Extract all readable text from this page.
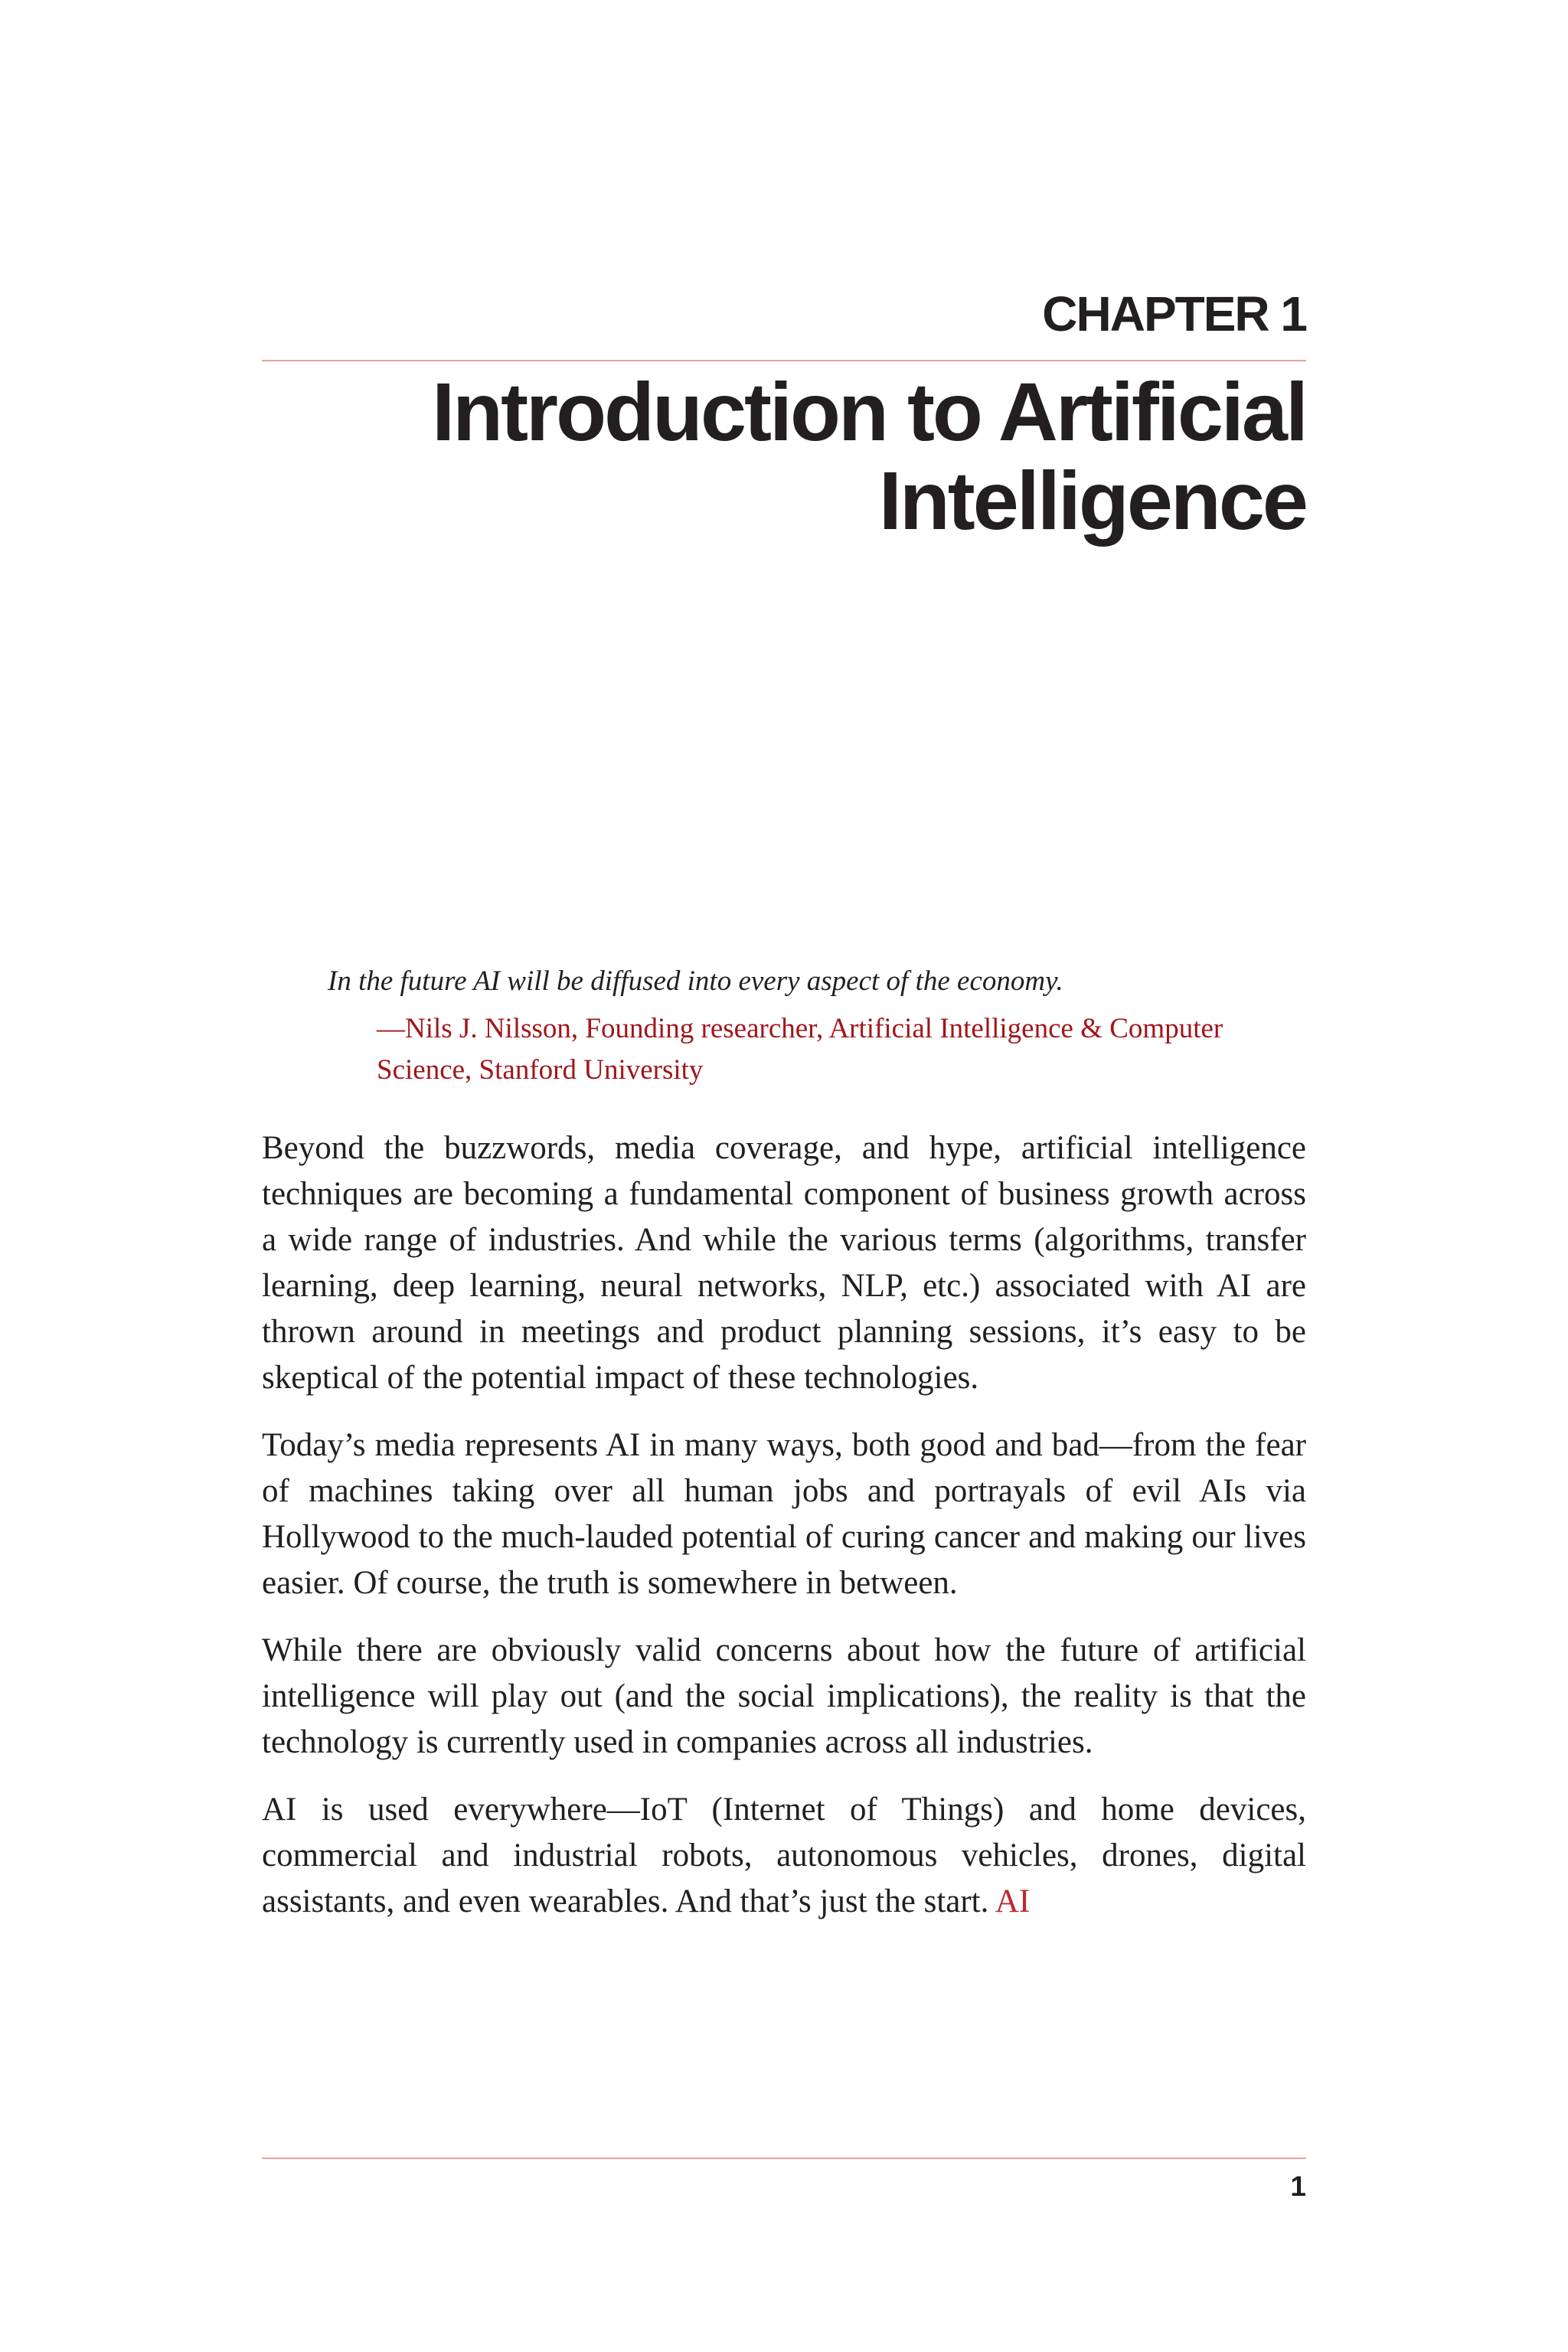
CHAPTER 1
Introduction to Artificial
Intelligence
In the future AI will be diffused into every aspect of the economy.
—Nils J. Nilsson, Founding researcher, Artificial Intelligence & Computer Science, Stanford University

Beyond the buzzwords, media coverage, and hype, artificial intelligence techniques are becoming a fundamental component of business growth across a wide range of industries. And while the various terms (algorithms, transfer learning, deep learning, neural networks, NLP, etc.) associated with AI are thrown around in meetings and product planning sessions, it’s easy to be skeptical of the potential impact of these technologies.

Today’s media represents AI in many ways, both good and bad—from the fear of machines taking over all human jobs and portrayals of evil AIs via Hollywood to the much-lauded potential of curing cancer and making our lives easier. Of course, the truth is somewhere in between.

While there are obviously valid concerns about how the future of artificial intelligence will play out (and the social implications), the reality is that the technology is currently used in companies across all industries.

AI is used everywhere—IoT (Internet of Things) and home devices, commercial and industrial robots, autonomous vehicles, drones, digital assistants, and even wearables. And that’s just the start. AI

1
